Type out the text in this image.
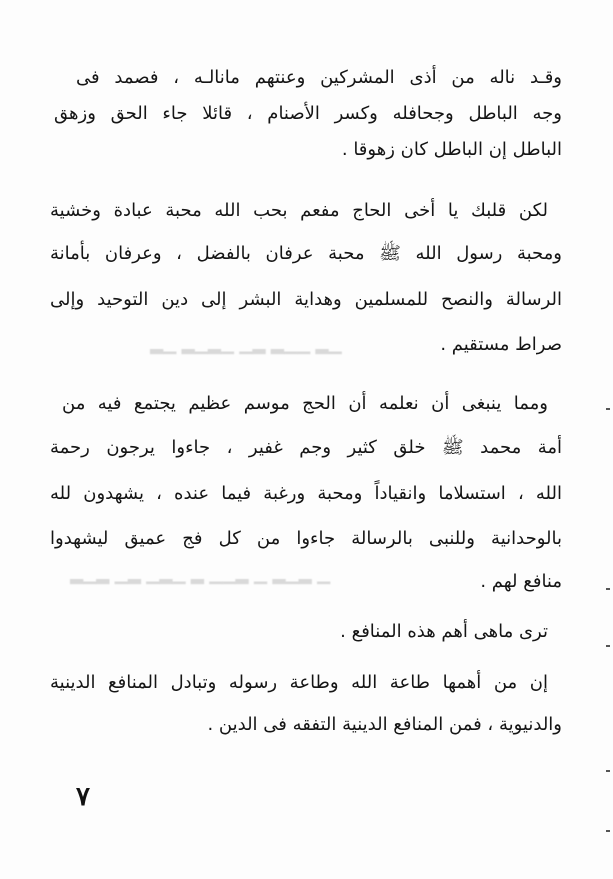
▁▂ ▁▁▂ ▂▁ ▁▂▁▂ ▁▂
▁ ▂▁▂ ▁ ▂▁▁ ▂ ▁▂▁ ▂▁ ▂▁▂
وقـد ناله من أذى المشركين وعنتهم مانالـه ، فصمد فى
وجه الباطل وجحافله وكسر الأصنام ، قائلا جاء الحق وزهق
الباطل إن الباطل كان زهوقا .
لكن قلبك يا أخى الحاج مفعم بحب الله محبة عبادة وخشية
ومحبة رسول الله ﷺ محبة عرفان بالفضل ، وعرفان بأمانة
الرسالة والنصح للمسلمين وهداية البشر إلى دين التوحيد وإلى
صراط مستقيم .
ومما ينبغى أن نعلمه أن الحج موسم عظيم يجتمع فيه من
أمة محمد ﷺ خلق كثير وجم غفير ، جاءوا يرجون رحمة
الله ، استسلاما وانقياداً ومحبة ورغبة فيما عنده ، يشهدون لله
بالوحدانية وللنبى بالرسالة جاءوا من كل فج عميق ليشهدوا
منافع لهم .
ترى ماهى أهم هذه المنافع .
إن من أهمها طاعة الله وطاعة رسوله وتبادل المنافع الدينية
والدنيوية ، فمن المنافع الدينية التفقه فى الدين .
٧
